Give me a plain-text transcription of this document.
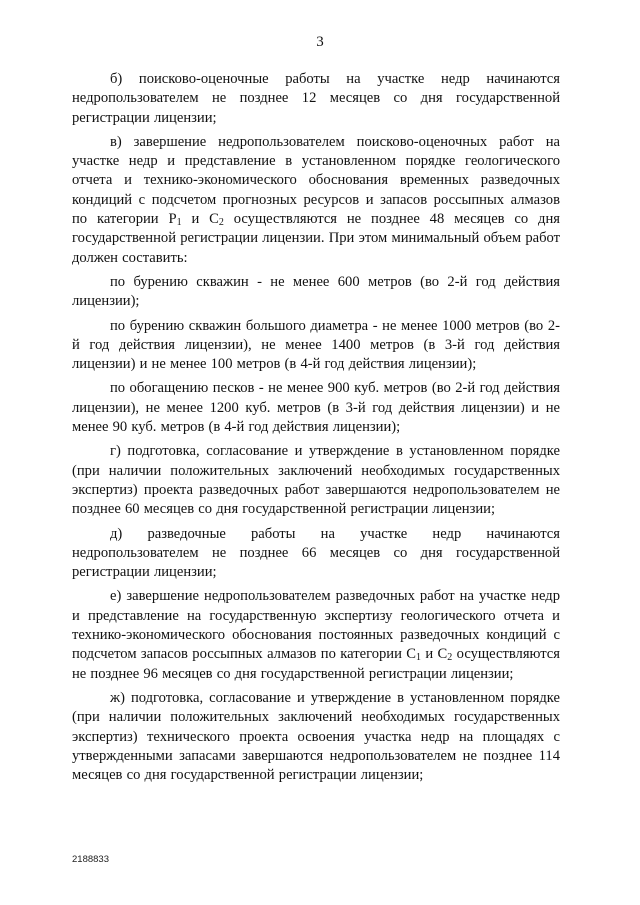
3

б) поисково-оценочные работы на участке недр начинаются недропользователем не позднее 12 месяцев со дня государственной регистрации лицензии;

в) завершение недропользователем поисково-оценочных работ на участке недр и представление в установленном порядке геологического отчета и технико-экономического обоснования временных разведочных кондиций с подсчетом прогнозных ресурсов и запасов россыпных алмазов по категории $P_1$ и $C_2$ осуществляются не позднее 48 месяцев со дня государственной регистрации лицензии. При этом минимальный объем работ должен составить:

по бурению скважин - не менее 600 метров (во 2-й год действия лицензии);

по бурению скважин большого диаметра - не менее 1000 метров (во 2-й год действия лицензии), не менее 1400 метров (в 3-й год действия лицензии) и не менее 100 метров (в 4-й год действия лицензии);

по обогащению песков - не менее 900 куб. метров (во 2-й год действия лицензии), не менее 1200 куб. метров (в 3-й год действия лицензии) и не менее 90 куб. метров (в 4-й год действия лицензии);

г) подготовка, согласование и утверждение в установленном порядке (при наличии положительных заключений необходимых государственных экспертиз) проекта разведочных работ завершаются недропользователем не позднее 60 месяцев со дня государственной регистрации лицензии;

д) разведочные работы на участке недр начинаются недропользователем не позднее 66 месяцев со дня государственной регистрации лицензии;

е) завершение недропользователем разведочных работ на участке недр и представление на государственную экспертизу геологического отчета и технико-экономического обоснования постоянных разведочных кондиций с подсчетом запасов россыпных алмазов по категории $C_1$ и $C_2$ осуществляются не позднее 96 месяцев со дня государственной регистрации лицензии;

ж) подготовка, согласование и утверждение в установленном порядке (при наличии положительных заключений необходимых государственных экспертиз) технического проекта освоения участка недр на площадях с утвержденными запасами завершаются недропользователем не позднее 114 месяцев со дня государственной регистрации лицензии;

2188833
